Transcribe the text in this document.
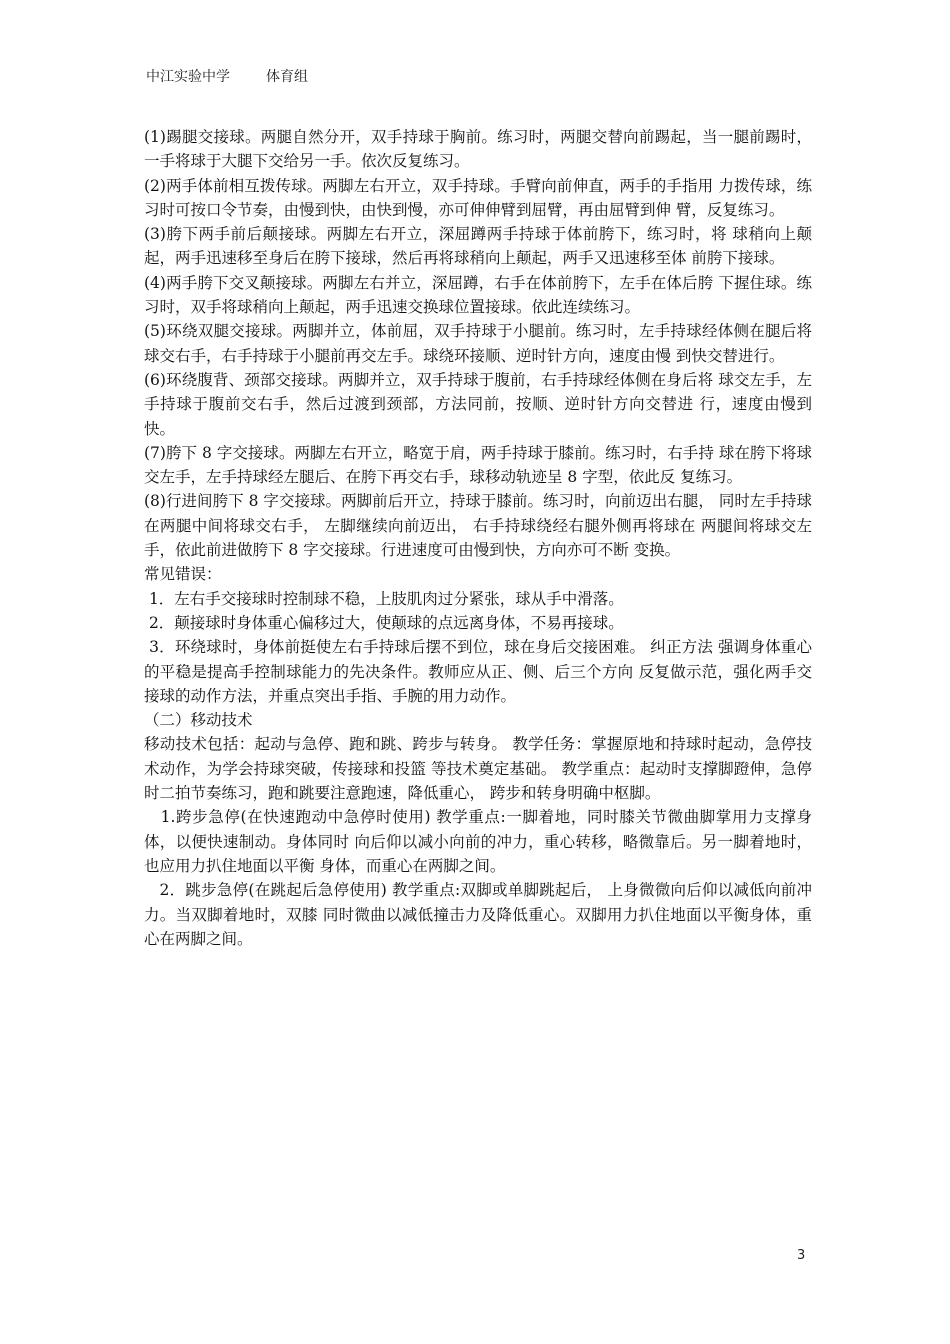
中江实验中学	体育组

(1)踢腿交接球。两腿自然分开，双手持球于胸前。练习时，两腿交替向前踢起，当一腿前踢时， 一手将球于大腿下交给另一手。依次反复练习。

(2)两手体前相互拨传球。两脚左右开立，双手持球。手臂向前伸直，两手的手指用 力拨传球，练习时可按口令节奏，由慢到快，由快到慢，亦可伸伸臂到屈臂，再由屈臂到伸 臂，反复练习。

(3)胯下两手前后颠接球。两脚左右开立，深屈蹲两手持球于体前胯下，练习时，将 球稍向上颠起，两手迅速移至身后在胯下接球，然后再将球稍向上颠起，两手又迅速移至体 前胯下接球。

(4)两手胯下交叉颠接球。两脚左右并立，深屈蹲，右手在体前胯下，左手在体后胯 下握住球。练习时，双手将球稍向上颠起，两手迅速交换球位置接球。依此连续练习。

(5)环绕双腿交接球。两脚并立，体前屈，双手持球于小腿前。练习时，左手持球经体侧在腿后将球交右手，右手持球于小腿前再交左手。球绕环接顺、逆时针方向，速度由慢 到快交替进行。

(6)环绕腹背、颈部交接球。两脚并立，双手持球于腹前，右手持球经体侧在身后将 球交左手，左手持球于腹前交右手，然后过渡到颈部，方法同前，按顺、逆时针方向交替进 行，速度由慢到快。

(7)胯下 8 字交接球。两脚左右开立，略宽于肩，两手持球于膝前。练习时，右手持 球在胯下将球交左手，左手持球经左腿后、在胯下再交右手，球移动轨迹呈 8 字型，依此反 复练习。

(8)行进间胯下 8 字交接球。两脚前后开立，持球于膝前。练习时，向前迈出右腿， 同时左手持球在两腿中间将球交右手， 左脚继续向前迈出， 右手持球绕经右腿外侧再将球在 两腿间将球交左手，依此前进做胯下 8 字交接球。行进速度可由慢到快，方向亦可不断 变换。

常见错误：

1．左右手交接球时控制球不稳，上肢肌肉过分紧张，球从手中滑落。

2．颠接球时身体重心偏移过大，使颠球的点远离身体，不易再接球。

3．环绕球时，身体前挺使左右手持球后摆不到位，球在身后交接困难。 纠正方法 强调身体重心的平稳是提高手控制球能力的先决条件。教师应从正、侧、后三个方向 反复做示范，强化两手交接球的动作方法，并重点突出手指、手腕的用力动作。

（二）移动技术

移动技术包括：起动与急停、跑和跳、跨步与转身。 教学任务：掌握原地和持球时起动，急停技术动作，为学会持球突破，传接球和投篮 等技术奠定基础。 教学重点：起动时支撑脚蹬伸，急停时二拍节奏练习，跑和跳要注意跑速，降低重心， 跨步和转身明确中枢脚。

1.跨步急停(在快速跑动中急停时使用) 教学重点:一脚着地，同时膝关节微曲脚掌用力支撑身体，以便快速制动。身体同时 向后仰以减小向前的冲力，重心转移，略微靠后。另一脚着地时，也应用力扒住地面以平衡 身体，而重心在两脚之间。

2．跳步急停(在跳起后急停使用) 教学重点:双脚或单脚跳起后， 上身微微向后仰以减低向前冲力。当双脚着地时，双膝 同时微曲以减低撞击力及降低重心。双脚用力扒住地面以平衡身体，重心在两脚之间。

3
